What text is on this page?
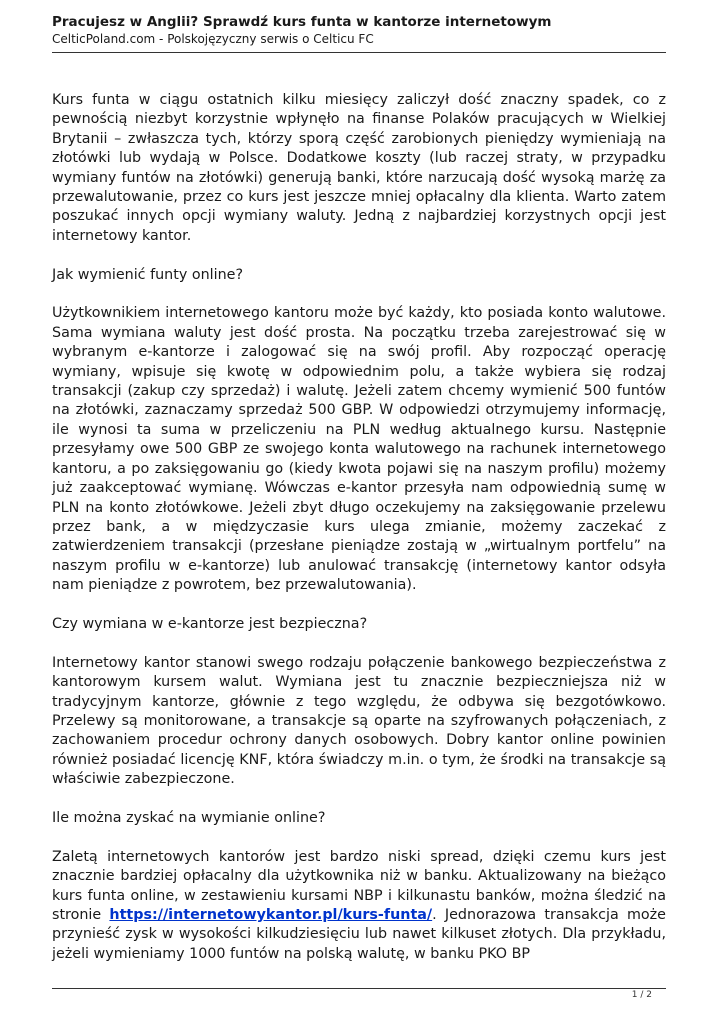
Pracujesz w Anglii? Sprawdź kurs funta w kantorze internetowym
CelticPoland.com - Polskojęzyczny serwis o Celticu FC

Kurs funta w ciągu ostatnich kilku miesięcy zaliczył dość znaczny spadek, co z pewnością niezbyt korzystnie wpłynęło na finanse Polaków pracujących w Wielkiej Brytanii – zwłaszcza tych, którzy sporą część zarobionych pieniędzy wymieniają na złotówki lub wydają w Polsce. Dodatkowe koszty (lub raczej straty, w przypadku wymiany funtów na złotówki) generują banki, które narzucają dość wysoką marżę za przewalutowanie, przez co kurs jest jeszcze mniej opłacalny dla klienta. Warto zatem poszukać innych opcji wymiany waluty. Jedną z najbardziej korzystnych opcji jest internetowy kantor.

Jak wymienić funty online?

Użytkownikiem internetowego kantoru może być każdy, kto posiada konto walutowe. Sama wymiana waluty jest dość prosta. Na początku trzeba zarejestrować się w wybranym e-kantorze i zalogować się na swój profil. Aby rozpocząć operację wymiany, wpisuje się kwotę w odpowiednim polu, a także wybiera się rodzaj transakcji (zakup czy sprzedaż) i walutę. Jeżeli zatem chcemy wymienić 500 funtów na złotówki, zaznaczamy sprzedaż 500 GBP. W odpowiedzi otrzymujemy informację, ile wynosi ta suma w przeliczeniu na PLN według aktualnego kursu. Następnie przesyłamy owe 500 GBP ze swojego konta walutowego na rachunek internetowego kantoru, a po zaksięgowaniu go (kiedy kwota pojawi się na naszym profilu) możemy już zaakceptować wymianę. Wówczas e-kantor przesyła nam odpowiednią sumę w PLN na konto złotówkowe. Jeżeli zbyt długo oczekujemy na zaksięgowanie przelewu przez bank, a w międzyczasie kurs ulega zmianie, możemy zaczekać z zatwierdzeniem transakcji (przesłane pieniądze zostają w „wirtualnym portfelu” na naszym profilu w e-kantorze) lub anulować transakcję (internetowy kantor odsyła nam pieniądze z powrotem, bez przewalutowania).

Czy wymiana w e-kantorze jest bezpieczna?

Internetowy kantor stanowi swego rodzaju połączenie bankowego bezpieczeństwa z kantorowym kursem walut. Wymiana jest tu znacznie bezpieczniejsza niż w tradycyjnym kantorze, głównie z tego względu, że odbywa się bezgotówkowo. Przelewy są monitorowane, a transakcje są oparte na szyfrowanych połączeniach, z zachowaniem procedur ochrony danych osobowych. Dobry kantor online powinien również posiadać licencję KNF, która świadczy m.in. o tym, że środki na transakcje są właściwie zabezpieczone.

Ile można zyskać na wymianie online?

Zaletą internetowych kantorów jest bardzo niski spread, dzięki czemu kurs jest znacznie bardziej opłacalny dla użytkownika niż w banku. Aktualizowany na bieżąco kurs funta online, w zestawieniu kursami NBP i kilkunastu banków, można śledzić na stronie https://internetowykantor.pl/kurs-funta/. Jednorazowa transakcja może przynieść zysk w wysokości kilkudziesięciu lub nawet kilkuset złotych. Dla przykładu, jeżeli wymieniamy 1000 funtów na polską walutę, w banku PKO BP

1 / 2
